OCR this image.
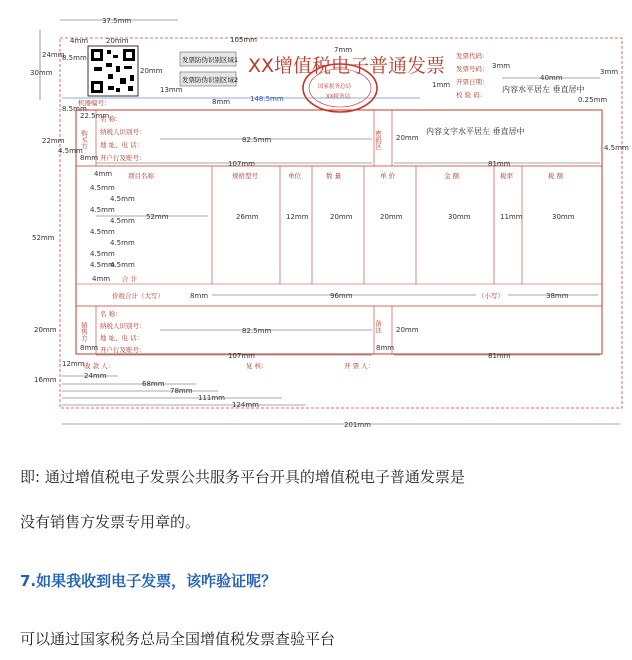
37.5mm
4mm	20mm
8.5mm
24mm
30mm	20mm
发票防伪识别区域1
发票防伪识别区域2
13mm
XX增值税电子普通发票
105mm
7mm
国家税务总局
XX税务局
发票代码：
发票号码：
开票日期：
校 验 码：
3mm
40mm
内容水平居左 垂直居中
0.25mm
1mm
148.5mm
8mm
机器编号：
8.5mm
22.5mm
购买方
名 称：
纳税人识别号：
地 址、电 话：
开户行及账号：
82.5mm
8mm
107mm
密码区 20mm
内容文字水平居左 垂直居中
81mm
4.5mm
22mm
4.5mm
项目名称	规格型号	单位	数 量	单 价	金 额	税率	税 额
4mm
4.5mm
4.5mm
4.5mm
4.5mm
4.5mm
4.5mm
4.5mm
4.5mm
4.5mm
4mm
52mm	26mm	12mm	20mm	20mm	30mm	11mm	30mm
合 计
价税合计（大写）	8mm	96mm	（小写）	38mm
52mm
销售方
名 称：
纳税人识别号：
地 址、电 话：
开户行及账号：
82.5mm
8mm
107mm
备注 20mm
8mm
81mm
20mm
收 款 人：	复 核：	开 票 人：
12mm
16mm	24mm
68mm
78mm
111mm
124mm
201mm
3mm
即: 通过增值税电子发票公共服务平台开具的增值税电子普通发票是
没有销售方发票专用章的。
7.如果我收到电子发票，该咋验证呢？
可以通过国家税务总局全国增值税发票查验平台
